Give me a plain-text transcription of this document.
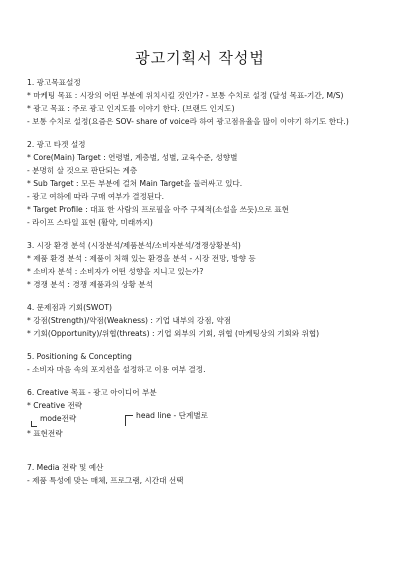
광고기획서 작성법
1. 광고목표설정
* 마케팅 목표 : 시장의 어떤 부분에 위치시킬 것인가? - 보통 수치로 설정 (달성 목표-기간, M/S)
* 광고 목표 : 주로 광고 인지도를 이야기 한다. (브랜드 인지도)
- 보통 수치로 설정(요즘은 SOV- share of voice라 하여 광고점유율을 많이 이야기 하기도 한다.)
2. 광고 타겟 설정
* Core(Main) Target : 연령별, 계층별, 성별, 교육수준, 성향별
- 분명히 살 것으로 판단되는 계층
* Sub Target : 모든 부분에 걸쳐 Main Target을 둘러싸고 있다.
- 광고 여하에 따라 구매 여부가 결정된다.
* Target Profile : 대표 한 사람의 프로필을 아주 구체적(소설을 쓰듯)으로 표현
- 라이프 스타일 표현 (활약, 미래까지)
3. 시장 환경 분석 (시장분석/제품분석/소비자분석/경쟁상황분석)
* 제품 환경 분석 : 제품이 처해 있는 환경을 분석 - 시장 전망, 방향 등
* 소비자 분석 : 소비자가 어떤 성향을 지니고 있는가?
* 경쟁 분석 : 경쟁 제품과의 상황 분석
4. 문제점과 기회(SWOT)
* 강점(Strength)/약점(Weakness) : 기업 내부의 강점, 약점
* 기회(Opportunity)/위협(threats) : 기업 외부의 기회, 위협 (마케팅상의 기회와 위협)
5. Positioning & Concepting
- 소비자 마음 속의 포지션을 설정하고 이용 여부 결정.
6. Creative 목표 - 광고 아이디어 부분
* Creative 전략
head line - 단계별로
mode전략
* 표현전략
7. Media 전략 및 예산
- 제품 특성에 맞는 매체, 프로그램, 시간대 선택
